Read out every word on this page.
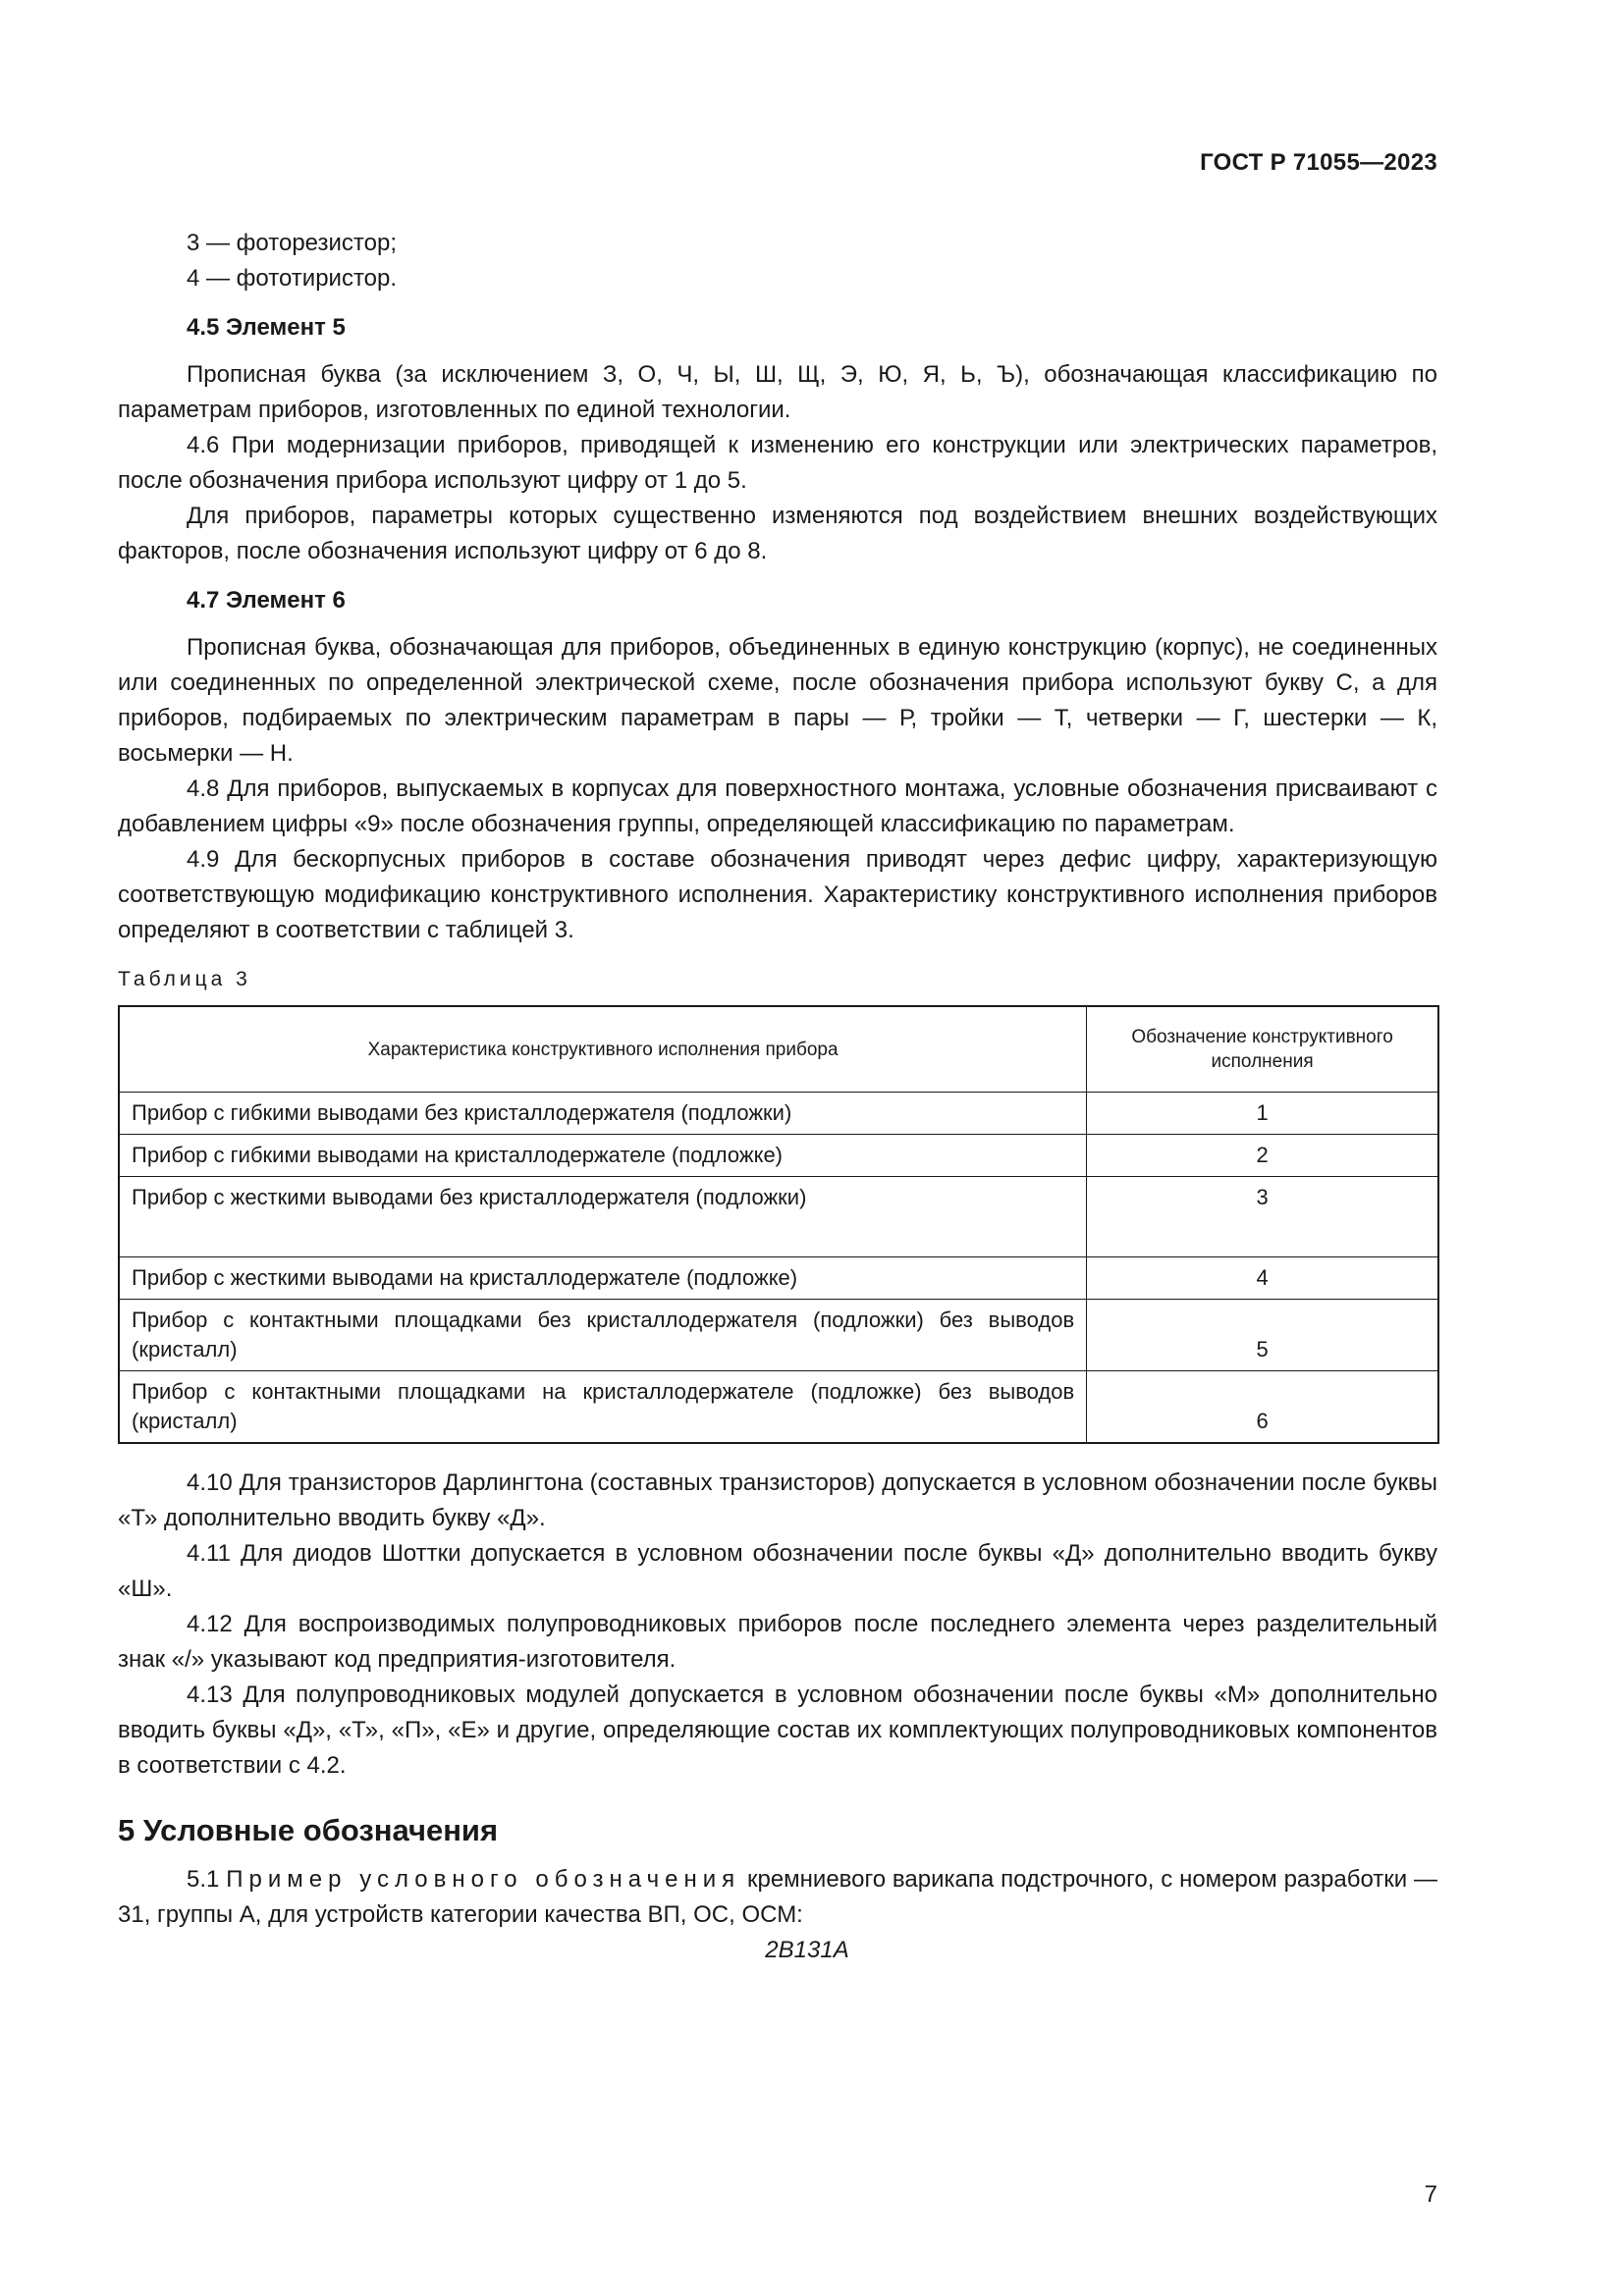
ГОСТ Р 71055—2023

3 — фоторезистор;

4 — фототиристор.

4.5 Элемент 5

Прописная буква (за исключением З, О, Ч, Ы, Ш, Щ, Э, Ю, Я, Ь, Ъ), обозначающая классификацию по параметрам приборов, изготовленных по единой технологии.

4.6 При модернизации приборов, приводящей к изменению его конструкции или электрических параметров, после обозначения прибора используют цифру от 1 до 5.

Для приборов, параметры которых существенно изменяются под воздействием внешних воздействующих факторов, после обозначения используют цифру от 6 до 8.

4.7 Элемент 6

Прописная буква, обозначающая для приборов, объединенных в единую конструкцию (корпус), не соединенных или соединенных по определенной электрической схеме, после обозначения прибора используют букву С, а для приборов, подбираемых по электрическим параметрам в пары — Р, тройки — Т, четверки — Г, шестерки — К, восьмерки — Н.

4.8 Для приборов, выпускаемых в корпусах для поверхностного монтажа, условные обозначения присваивают с добавлением цифры «9» после обозначения группы, определяющей классификацию по параметрам.

4.9 Для бескорпусных приборов в составе обозначения приводят через дефис цифру, характеризующую соответствующую модификацию конструктивного исполнения. Характеристику конструктивного исполнения приборов определяют в соответствии с таблицей 3.

Таблица 3
Характеристика конструктивного исполнения прибора	Обозначение конструктивного исполнения
Прибор с гибкими выводами без кристаллодержателя (подложки)	1
Прибор с гибкими выводами на кристаллодержателе (подложке)	2
Прибор с жесткими выводами без кристаллодержателя (подложки)	3
Прибор с жесткими выводами на кристаллодержателе (подложке)	4
Прибор с контактными площадками без кристаллодержателя (подложки) без выводов (кристалл)	5
Прибор с контактными площадками на кристаллодержателе (подложке) без выводов (кристалл)	6

4.10 Для транзисторов Дарлингтона (составных транзисторов) допускается в условном обозначении после буквы «Т» дополнительно вводить букву «Д».

4.11 Для диодов Шоттки допускается в условном обозначении после буквы «Д» дополнительно вводить букву «Ш».

4.12 Для воспроизводимых полупроводниковых приборов после последнего элемента через разделительный знак «/» указывают код предприятия-изготовителя.

4.13 Для полупроводниковых модулей допускается в условном обозначении после буквы «М» дополнительно вводить буквы «Д», «Т», «П», «Е» и другие, определяющие состав их комплектующих полупроводниковых компонентов в соответствии с 4.2.

5 Условные обозначения

5.1 Пример условного обозначения кремниевого варикапа подстрочного, с номером разработки — 31, группы А, для устройств категории качества ВП, ОС, ОСМ:

2В131А

7
